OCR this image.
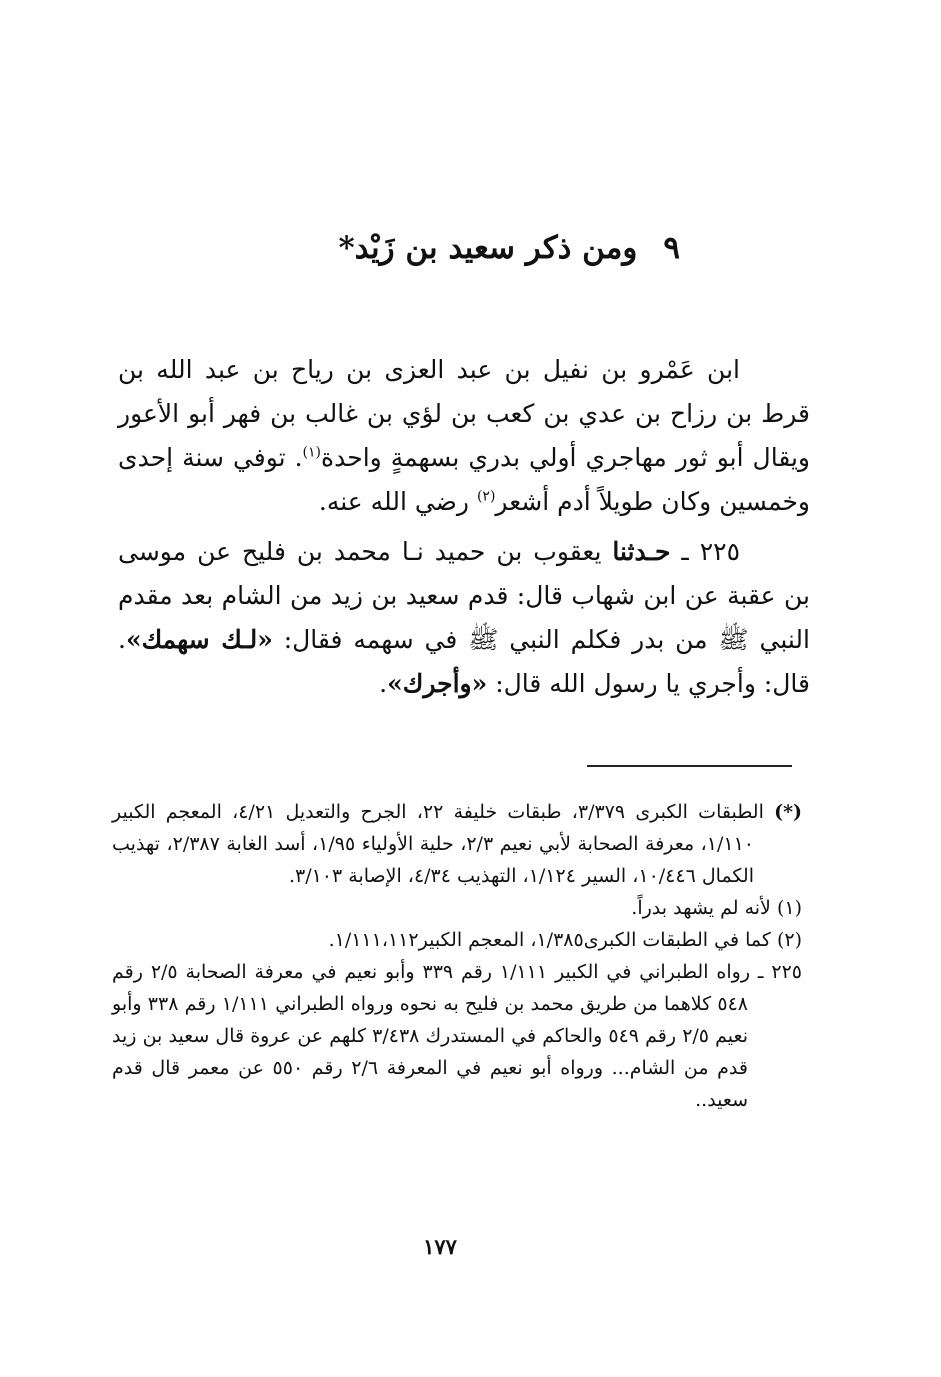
٩
ومن ذكر سعيد بن زَيْد*

ابن عَمْرو بن نفيل بن عبد العزى بن رياح بن عبد الله بن قرط بن رزاح بن عدي بن كعب بن لؤي بن غالب بن فهر أبو الأعور ويقال أبو ثور مهاجري أولي بدري بسهمةٍ واحدة$^{(١)}$. توفي سنة إحدى وخمسين وكان طويلاً أدم أشعر$^{(٢)}$ رضي الله عنه.

٢٢٥ ـ حـدثنا يعقوب بن حميد نـا محمد بن فليح عن موسى بن عقبة عن ابن شهاب قال: قدم سعيد بن زيد من الشام بعد مقدم النبي ﷺ من بدر فكلم النبي ﷺ في سهمه فقال: «لـك سهمك». قال: وأجري يا رسول الله قال: «وأجرك».

(*) الطبقات الكبرى ٣/٣٧٩، طبقات خليفة ٢٢، الجرح والتعديل ٤/٢١، المعجم الكبير ١/١١٠، معرفة الصحابة لأبي نعيم ٢/٣، حلية الأولياء ١/٩٥، أسد الغابة ٢/٣٨٧، تهذيب الكمال ١٠/٤٤٦، السير ١/١٢٤، التهذيب ٤/٣٤، الإصابة ٣/١٠٣.

(١) لأنه لم يشهد بدراً.

(٢) كما في الطبقات الكبرى١/٣٨٥، المعجم الكبير١/١١١،١١٢.

٢٢٥ ـ رواه الطبراني في الكبير ١/١١١ رقم ٣٣٩ وأبو نعيم في معرفة الصحابة ٢/٥ رقم ٥٤٨ كلاهما من طريق محمد بن فليح به نحوه ورواه الطبراني ١/١١١ رقم ٣٣٨ وأبو نعيم ٢/٥ رقم ٥٤٩ والحاكم في المستدرك ٣/٤٣٨ كلهم عن عروة قال سعيد بن زيد قدم من الشام... ورواه أبو نعيم في المعرفة ٢/٦ رقم ٥٥٠ عن معمر قال قدم سعيد..

١٧٧
